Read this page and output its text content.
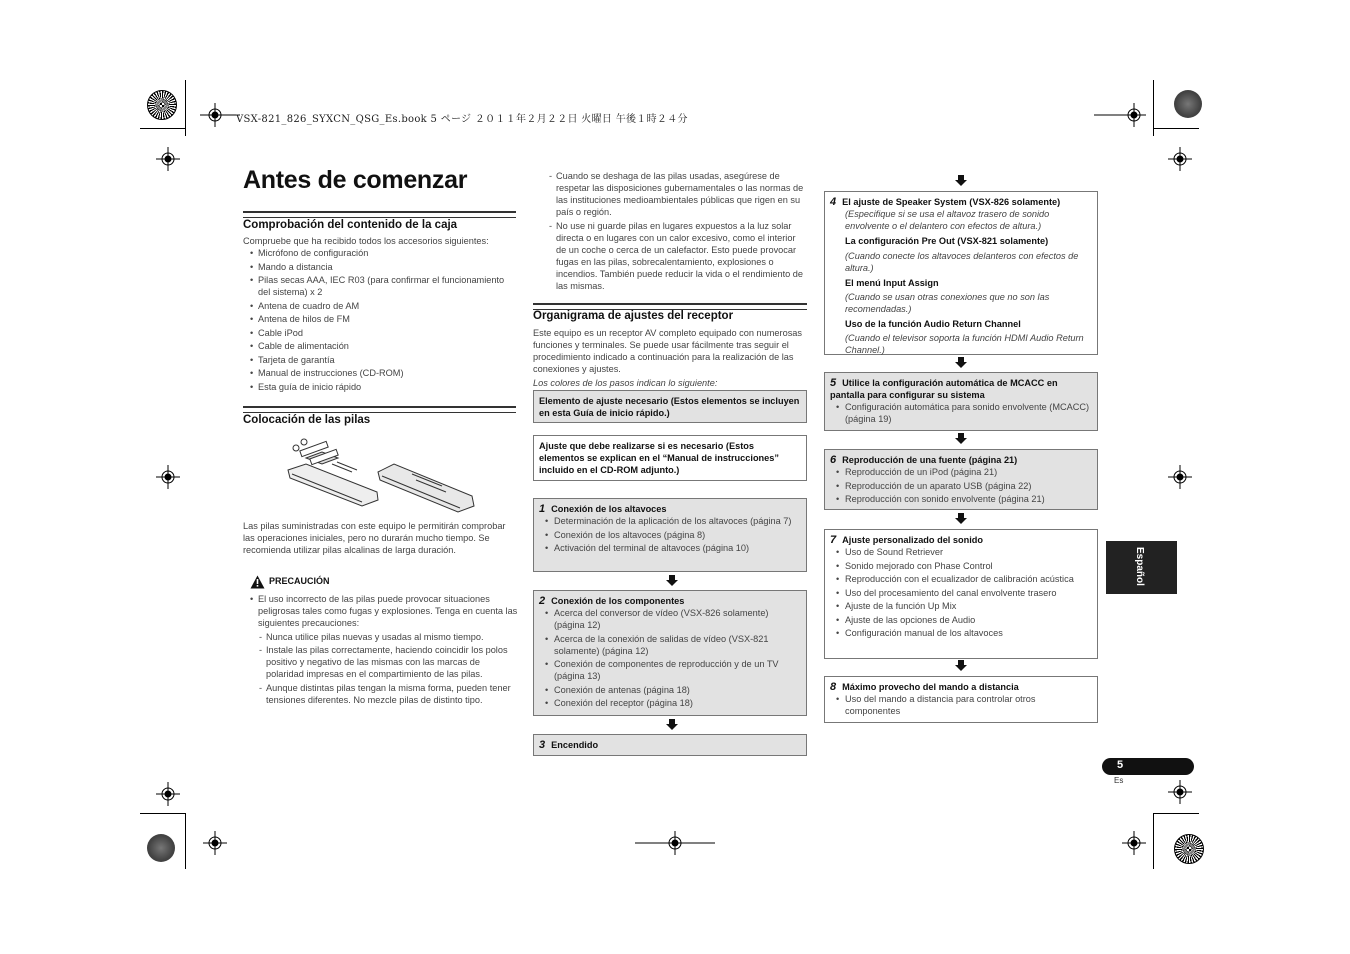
VSX-821_826_SYXCN_QSG_Es.book 5 ページ ２０１１年２月２２日 火曜日 午後１時２４分
Antes de comenzar
Comprobación del contenido de la caja
Compruebe que ha recibido todos los accesorios siguientes:
• Micrófono de configuración
• Mando a distancia
• Pilas secas AAA, IEC R03 (para confirmar el funcionamiento del sistema) x 2
• Antena de cuadro de AM
• Antena de hilos de FM
• Cable iPod
• Cable de alimentación
• Tarjeta de garantía
• Manual de instrucciones (CD-ROM)
• Esta guía de inicio rápido
Colocación de las pilas
Las pilas suministradas con este equipo le permitirán comprobar las operaciones iniciales, pero no durarán mucho tiempo. Se recomienda utilizar pilas alcalinas de larga duración.
PRECAUCIÓN
• El uso incorrecto de las pilas puede provocar situaciones peligrosas tales como fugas y explosiones. Tenga en cuenta las siguientes precauciones:
- Nunca utilice pilas nuevas y usadas al mismo tiempo.
- Instale las pilas correctamente, haciendo coincidir los polos positivo y negativo de las mismas con las marcas de polaridad impresas en el compartimiento de las pilas.
- Aunque distintas pilas tengan la misma forma, pueden tener tensiones diferentes. No mezcle pilas de distinto tipo.
- Cuando se deshaga de las pilas usadas, asegúrese de respetar las disposiciones gubernamentales o las normas de las instituciones medioambientales públicas que rigen en su país o región.
- No use ni guarde pilas en lugares expuestos a la luz solar directa o en lugares con un calor excesivo, como el interior de un coche o cerca de un calefactor. Esto puede provocar fugas en las pilas, sobrecalentamiento, explosiones o incendios. También puede reducir la vida o el rendimiento de las mismas.
Organigrama de ajustes del receptor
Este equipo es un receptor AV completo equipado con numerosas funciones y terminales. Se puede usar fácilmente tras seguir el procedimiento indicado a continuación para la realización de las conexiones y ajustes.
Los colores de los pasos indican lo siguiente:
Elemento de ajuste necesario (Estos elementos se incluyen en esta Guía de inicio rápido.)
Ajuste que debe realizarse si es necesario (Estos elementos se explican en el “Manual de instrucciones” incluido en el CD-ROM adjunto.)
1 Conexión de los altavoces
• Determinación de la aplicación de los altavoces (página 7)
• Conexión de los altavoces (página 8)
• Activación del terminal de altavoces (página 10)
2 Conexión de los componentes
• Acerca del conversor de vídeo (VSX-826 solamente) (página 12)
• Acerca de la conexión de salidas de vídeo (VSX-821 solamente) (página 12)
• Conexión de componentes de reproducción y de un TV (página 13)
• Conexión de antenas (página 18)
• Conexión del receptor (página 18)
3 Encendido
4 El ajuste de Speaker System (VSX-826 solamente)
(Especifique si se usa el altavoz trasero de sonido envolvente o el delantero con efectos de altura.)
La configuración Pre Out (VSX-821 solamente)
(Cuando conecte los altavoces delanteros con efectos de altura.)
El menú Input Assign
(Cuando se usan otras conexiones que no son las recomendadas.)
Uso de la función Audio Return Channel
(Cuando el televisor soporta la función HDMI Audio Return Channel.)
5 Utilice la configuración automática de MCACC en pantalla para configurar su sistema
• Configuración automática para sonido envolvente (MCACC) (página 19)
6 Reproducción de una fuente (página 21)
• Reproducción de un iPod (página 21)
• Reproducción de un aparato USB (página 22)
• Reproducción con sonido envolvente (página 21)
7 Ajuste personalizado del sonido
• Uso de Sound Retriever
• Sonido mejorado con Phase Control
• Reproducción con el ecualizador de calibración acústica
• Uso del procesamiento del canal envolvente trasero
• Ajuste de la función Up Mix
• Ajuste de las opciones de Audio
• Configuración manual de los altavoces
8 Máximo provecho del mando a distancia
• Uso del mando a distancia para controlar otros componentes
Español
5
Es
